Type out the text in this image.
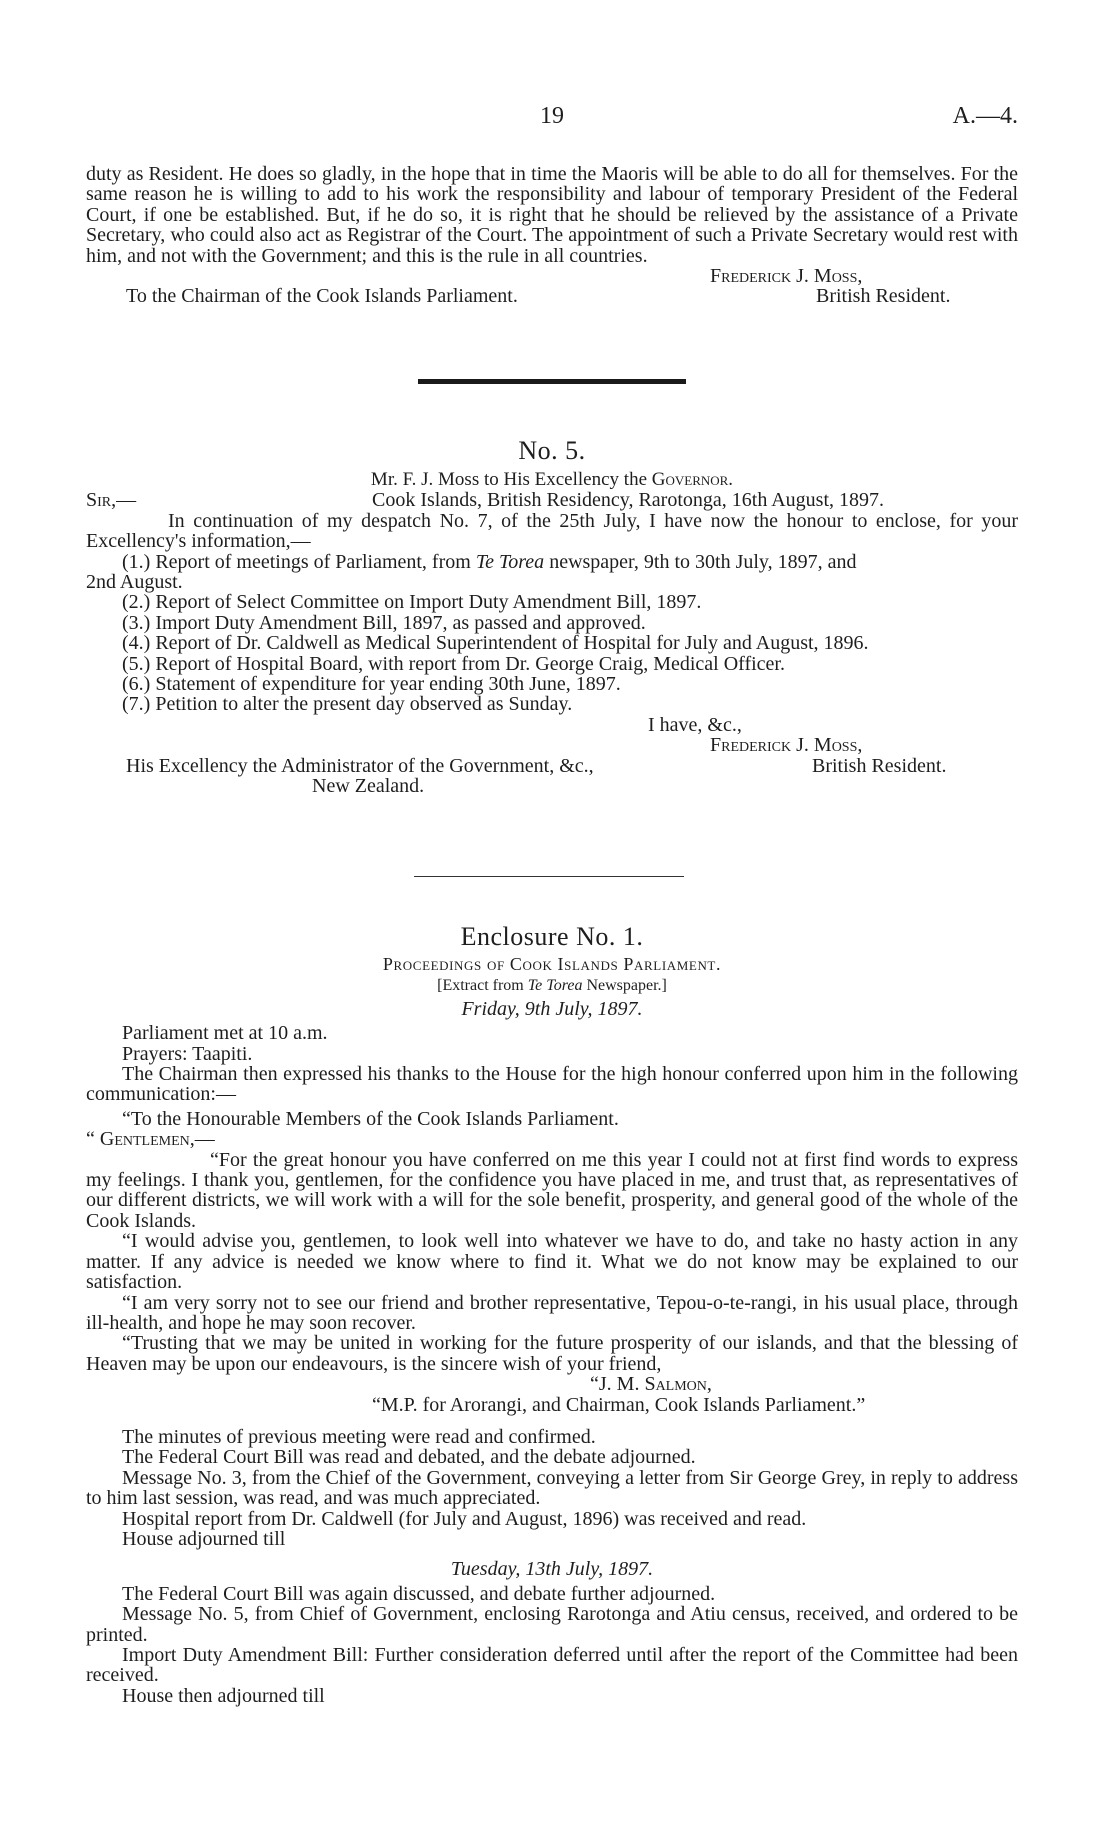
19	A.—4.

duty as Resident. He does so gladly, in the hope that in time the Maoris will be able to do all for themselves. For the same reason he is willing to add to his work the responsibility and labour of temporary President of the Federal Court, if one be established. But, if he do so, it is right that he should be relieved by the assistance of a Private Secretary, who could also act as Registrar of the Court. The appointment of such a Private Secretary would rest with him, and not with the Government; and this is the rule in all countries.

Frederick J. Moss,
To the Chairman of the Cook Islands Parliament.	British Resident.

No. 5.

Mr. F. J. Moss to His Excellency the Governor.

Sir,—	Cook Islands, British Residency, Rarotonga, 16th August, 1897.

In continuation of my despatch No. 7, of the 25th July, I have now the honour to enclose, for your Excellency's information,—

(1.) Report of meetings of Parliament, from Te Torea newspaper, 9th to 30th July, 1897, and

2nd August.

(2.) Report of Select Committee on Import Duty Amendment Bill, 1897.

(3.) Import Duty Amendment Bill, 1897, as passed and approved.

(4.) Report of Dr. Caldwell as Medical Superintendent of Hospital for July and August, 1896.

(5.) Report of Hospital Board, with report from Dr. George Craig, Medical Officer.

(6.) Statement of expenditure for year ending 30th June, 1897.

(7.) Petition to alter the present day observed as Sunday.

I have, &c.,
Frederick J. Moss,
His Excellency the Administrator of the Government, &c.,	British Resident.
New Zealand.

Enclosure No. 1.

Proceedings of Cook Islands Parliament.

[Extract from Te Torea Newspaper.]

Friday, 9th July, 1897.

Parliament met at 10 a.m.

Prayers: Taapiti.

The Chairman then expressed his thanks to the House for the high honour conferred upon him in the following communication:—

“To the Honourable Members of the Cook Islands Parliament.

“ Gentlemen,—

“For the great honour you have conferred on me this year I could not at first find words to express my feelings. I thank you, gentlemen, for the confidence you have placed in me, and trust that, as representatives of our different districts, we will work with a will for the sole benefit, prosperity, and general good of the whole of the Cook Islands.

“I would advise you, gentlemen, to look well into whatever we have to do, and take no hasty action in any matter. If any advice is needed we know where to find it. What we do not know may be explained to our satisfaction.

“I am very sorry not to see our friend and brother representative, Tepou-o-te-rangi, in his usual place, through ill-health, and hope he may soon recover.

“Trusting that we may be united in working for the future prosperity of our islands, and that the blessing of Heaven may be upon our endeavours, is the sincere wish of your friend,

“J. M. Salmon,
“M.P. for Arorangi, and Chairman, Cook Islands Parliament.”

The minutes of previous meeting were read and confirmed.

The Federal Court Bill was read and debated, and the debate adjourned.

Message No. 3, from the Chief of the Government, conveying a letter from Sir George Grey, in reply to address to him last session, was read, and was much appreciated.

Hospital report from Dr. Caldwell (for July and August, 1896) was received and read.

House adjourned till

Tuesday, 13th July, 1897.

The Federal Court Bill was again discussed, and debate further adjourned.

Message No. 5, from Chief of Government, enclosing Rarotonga and Atiu census, received, and ordered to be printed.

Import Duty Amendment Bill: Further consideration deferred until after the report of the Committee had been received.

House then adjourned till
